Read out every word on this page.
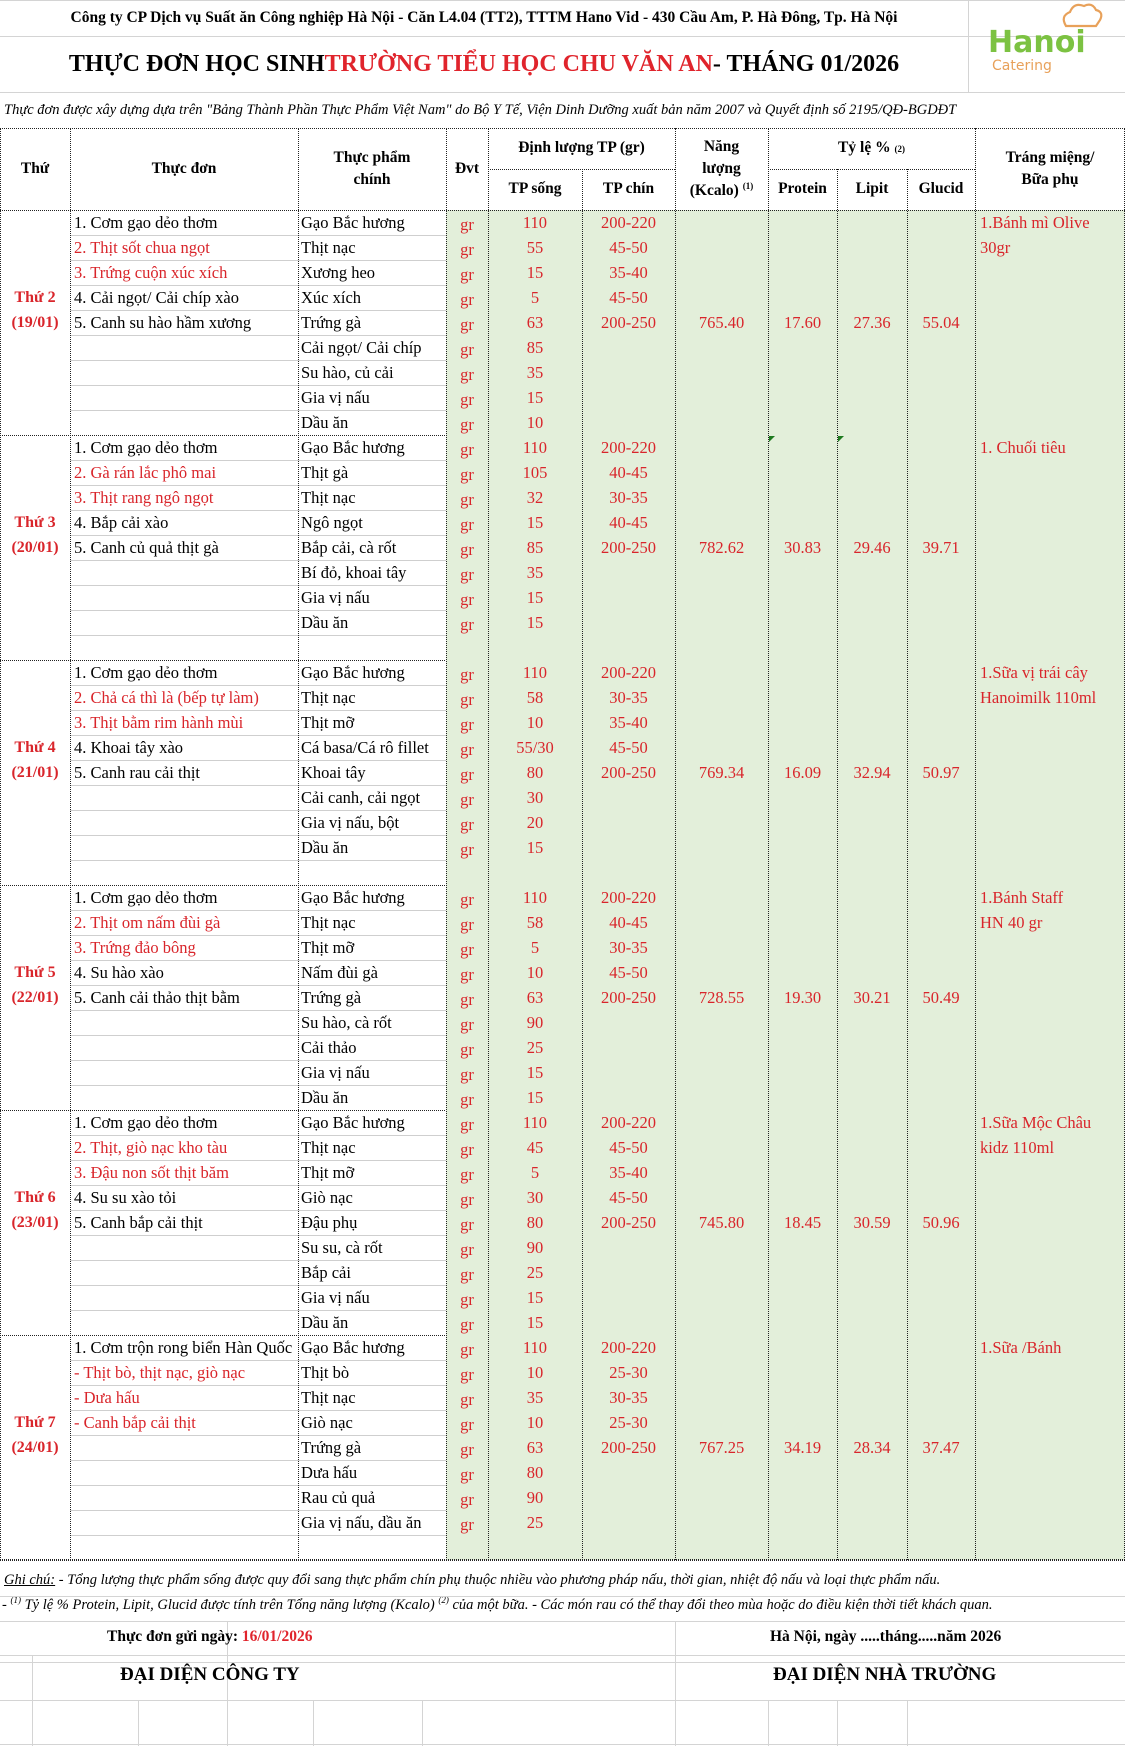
Công ty CP Dịch vụ Suất ăn Công nghiệp Hà Nội - Căn L4.04 (TT2), TTTM Hano Vid - 430 Cầu Am, P. Hà Đông, Tp. Hà Nội
THỰC ĐƠN HỌC SINH TRƯỜNG TIỂU HỌC CHU VĂN AN - THÁNG 01/2026
Hanoi
Catering
Thực đơn được xây dựng dựa trên "Bảng Thành Phần Thực Phẩm Việt Nam" do Bộ Y Tế, Viện Dinh Dưỡng xuất bản năm 2007 và Quyết định số 2195/QĐ-BGDĐT
Thứ	Thực đơn
Thực phẩm
chính
Đvt
Định lượng TP (gr)
TP sống	TP chín
Năng
lượng
(Kcalo) $^{(1)}$
Tỷ lệ %
(2)
Protein	Lipit	Glucid
Tráng miệng/
Bữa phụ
Thứ 2
(19/01)
1. Cơm gạo dẻo thơm
2. Thịt sốt chua ngọt
3. Trứng cuộn xúc xích
4. Cải ngọt/ Cải chíp xào
5. Canh su hào hầm xương
Gạo Bắc hương	gr	110	200-220
Thịt nạc	gr	55	45-50
Xương heo	gr	15	35-40
Xúc xích	gr	5	45-50
Trứng gà	gr	63	200-250
Cải ngọt/ Cải chíp	gr	85
Su hào, củ cải	gr	35
Gia vị nấu	gr	15
Dầu ăn	gr	10
765.40	17.60	27.36	55.04
1.Bánh mì Olive
30gr
Thứ 3
(20/01)
1. Cơm gạo dẻo thơm
2. Gà rán lắc phô mai
3. Thịt rang ngô ngọt
4. Bắp cải xào
5. Canh củ quả thịt gà
Gạo Bắc hương	gr	110	200-220
Thịt gà	gr	105	40-45
Thịt nạc	gr	32	30-35
Ngô ngọt	gr	15	40-45
Bắp cải, cà rốt	gr	85	200-250
Bí đỏ, khoai tây	gr	35
Gia vị nấu	gr	15
Dầu ăn	gr	15
782.62	30.83	29.46	39.71
1. Chuối tiêu
Thứ 4
(21/01)
1. Cơm gạo dẻo thơm
2. Chả cá thì là (bếp tự làm)
3. Thịt bằm rim hành mùi
4. Khoai tây xào
5. Canh rau cải thịt
Gạo Bắc hương	gr	110	200-220
Thịt nạc	gr	58	30-35
Thịt mỡ	gr	10	35-40
Cá basa/Cá rô fillet	gr	55/30	45-50
Khoai tây	gr	80	200-250
Cải canh, cải ngọt	gr	30
Gia vị nấu, bột	gr	20
Dầu ăn	gr	15
769.34	16.09	32.94	50.97
1.Sữa vị trái cây
Hanoimilk 110ml
Thứ 5
(22/01)
1. Cơm gạo dẻo thơm
2. Thịt om nấm đùi gà
3. Trứng đảo bông
4. Su hào xào
5. Canh cải thảo thịt bằm
Gạo Bắc hương	gr	110	200-220
Thịt nạc	gr	58	40-45
Thịt mỡ	gr	5	30-35
Nấm đùi gà	gr	10	45-50
Trứng gà	gr	63	200-250
Su hào, cà rốt	gr	90
Cải thảo	gr	25
Gia vị nấu	gr	15
Dầu ăn	gr	15
728.55	19.30	30.21	50.49
1.Bánh Staff
HN 40 gr
Thứ 6
(23/01)
1. Cơm gạo dẻo thơm
2. Thịt, giò nạc kho tàu
3. Đậu non sốt thịt băm
4. Su su xào tỏi
5. Canh bắp cải thịt
Gạo Bắc hương	gr	110	200-220
Thịt nạc	gr	45	45-50
Thịt mỡ	gr	5	35-40
Giò nạc	gr	30	45-50
Đậu phụ	gr	80	200-250
Su su, cà rốt	gr	90
Bắp cải	gr	25
Gia vị nấu	gr	15
Dầu ăn	gr	15
745.80	18.45	30.59	50.96
1.Sữa Mộc Châu
kidz 110ml
Thứ 7
(24/01)
1. Cơm trộn rong biển Hàn Quốc
- Thịt bò, thịt nạc, giò nạc
- Dưa hấu
- Canh bắp cải thịt
Gạo Bắc hương	gr	110	200-220
Thịt bò	gr	10	25-30
Thịt nạc	gr	35	30-35
Giò nạc	gr	10	25-30
Trứng gà	gr	63	200-250
Dưa hấu	gr	80
Rau củ quả	gr	90
Gia vị nấu, dầu ăn	gr	25
767.25	34.19	28.34	37.47
1.Sữa /Bánh
Ghi chú: - Tổng lượng thực phẩm sống được quy đổi sang thực phẩm chín phụ thuộc nhiều vào phương pháp nấu, thời gian, nhiệt độ nấu và loại thực phẩm nấu.
- $^{(1)}$ Tỷ lệ % Protein, Lipit, Glucid được tính trên Tổng năng lượng (Kcalo) $^{(2)}$ của một bữa. - Các món rau có thể thay đổi theo mùa hoặc do điều kiện thời tiết khách quan.
Thực đơn gửi ngày: 16/01/2026	Hà Nội, ngày .....tháng.....năm 2026
ĐẠI DIỆN CÔNG TY	ĐẠI DIỆN NHÀ TRƯỜNG
